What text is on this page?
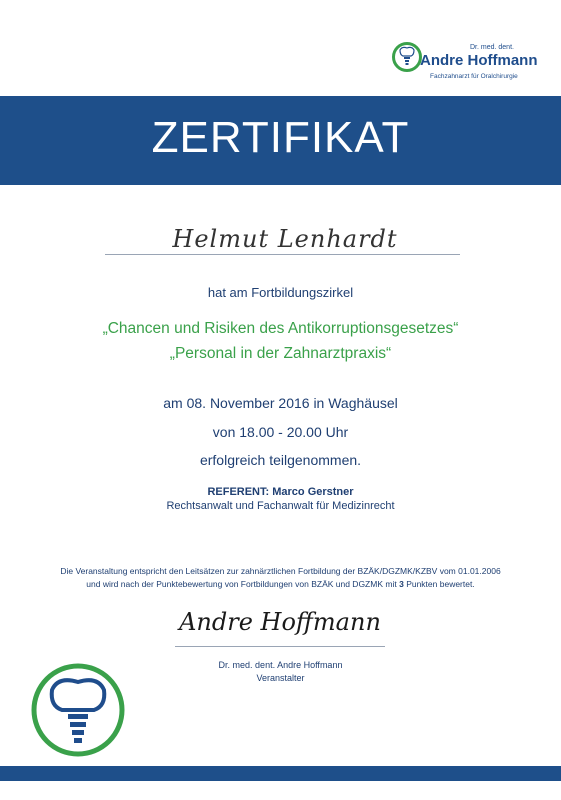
Dr. med. dent.
Andre Hoffmann
Fachzahnarzt für Oralchirurgie
ZERTIFIKAT
Helmut Lenhardt
hat am Fortbildungszirkel
„Chancen und Risiken des Antikorruptionsgesetzes“
„Personal in der Zahnarztpraxis“
am 08. November 2016 in Waghäusel
von 18.00 - 20.00 Uhr
erfolgreich teilgenommen.
REFERENT: Marco Gerstner
Rechtsanwalt und Fachanwalt für Medizinrecht
Die Veranstaltung entspricht den Leitsätzen zur zahnärztlichen Fortbildung der BZÄK/DGZMK/KZBV vom 01.01.2006
und wird nach der Punktebewertung von Fortbildungen von BZÄK und DGZMK mit 3 Punkten bewertet.
Andre Hoffmann
Dr. med. dent. Andre Hoffmann
Veranstalter
